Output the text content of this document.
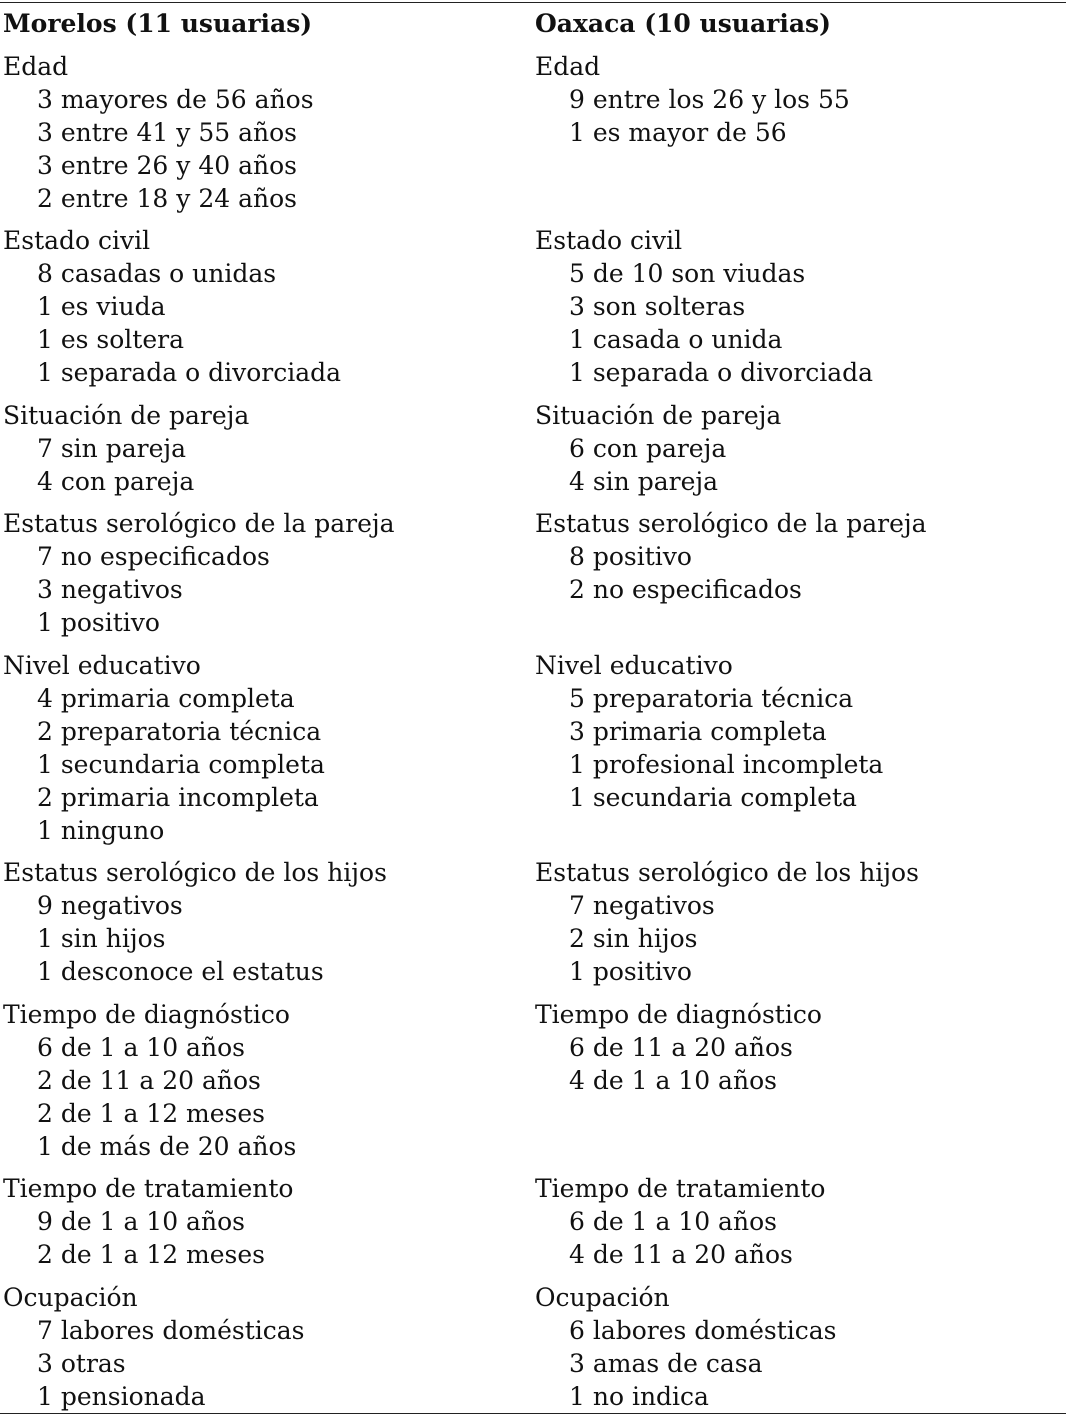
Morelos (11 usuarias)
Edad
3 mayores de 56 años
3 entre 41 y 55 años
3 entre 26 y 40 años
2 entre 18 y 24 años
Estado civil
8 casadas o unidas
1 es viuda
1 es soltera
1 separada o divorciada
Situación de pareja
7 sin pareja
4 con pareja
Estatus serológico de la pareja
7 no especificados
3 negativos
1 positivo
Nivel educativo
4 primaria completa
2 preparatoria técnica
1 secundaria completa
2 primaria incompleta
1 ninguno
Estatus serológico de los hijos
9 negativos
1 sin hijos
1 desconoce el estatus
Tiempo de diagnóstico
6 de 1 a 10 años
2 de 11 a 20 años
2 de 1 a 12 meses
1 de más de 20 años
Tiempo de tratamiento
9 de 1 a 10 años
2 de 1 a 12 meses
Ocupación
7 labores domésticas
3 otras
1 pensionada
Oaxaca (10 usuarias)
Edad
9 entre los 26 y los 55
1 es mayor de 56
Estado civil
5 de 10 son viudas
3 son solteras
1 casada o unida
1 separada o divorciada
Situación de pareja
6 con pareja
4 sin pareja
Estatus serológico de la pareja
8 positivo
2 no especificados
Nivel educativo
5 preparatoria técnica
3 primaria completa
1 profesional incompleta
1 secundaria completa
Estatus serológico de los hijos
7 negativos
2 sin hijos
1 positivo
Tiempo de diagnóstico
6 de 11 a 20 años
4 de 1 a 10 años
Tiempo de tratamiento
6 de 1 a 10 años
4 de 11 a 20 años
Ocupación
6 labores domésticas
3 amas de casa
1 no indica
